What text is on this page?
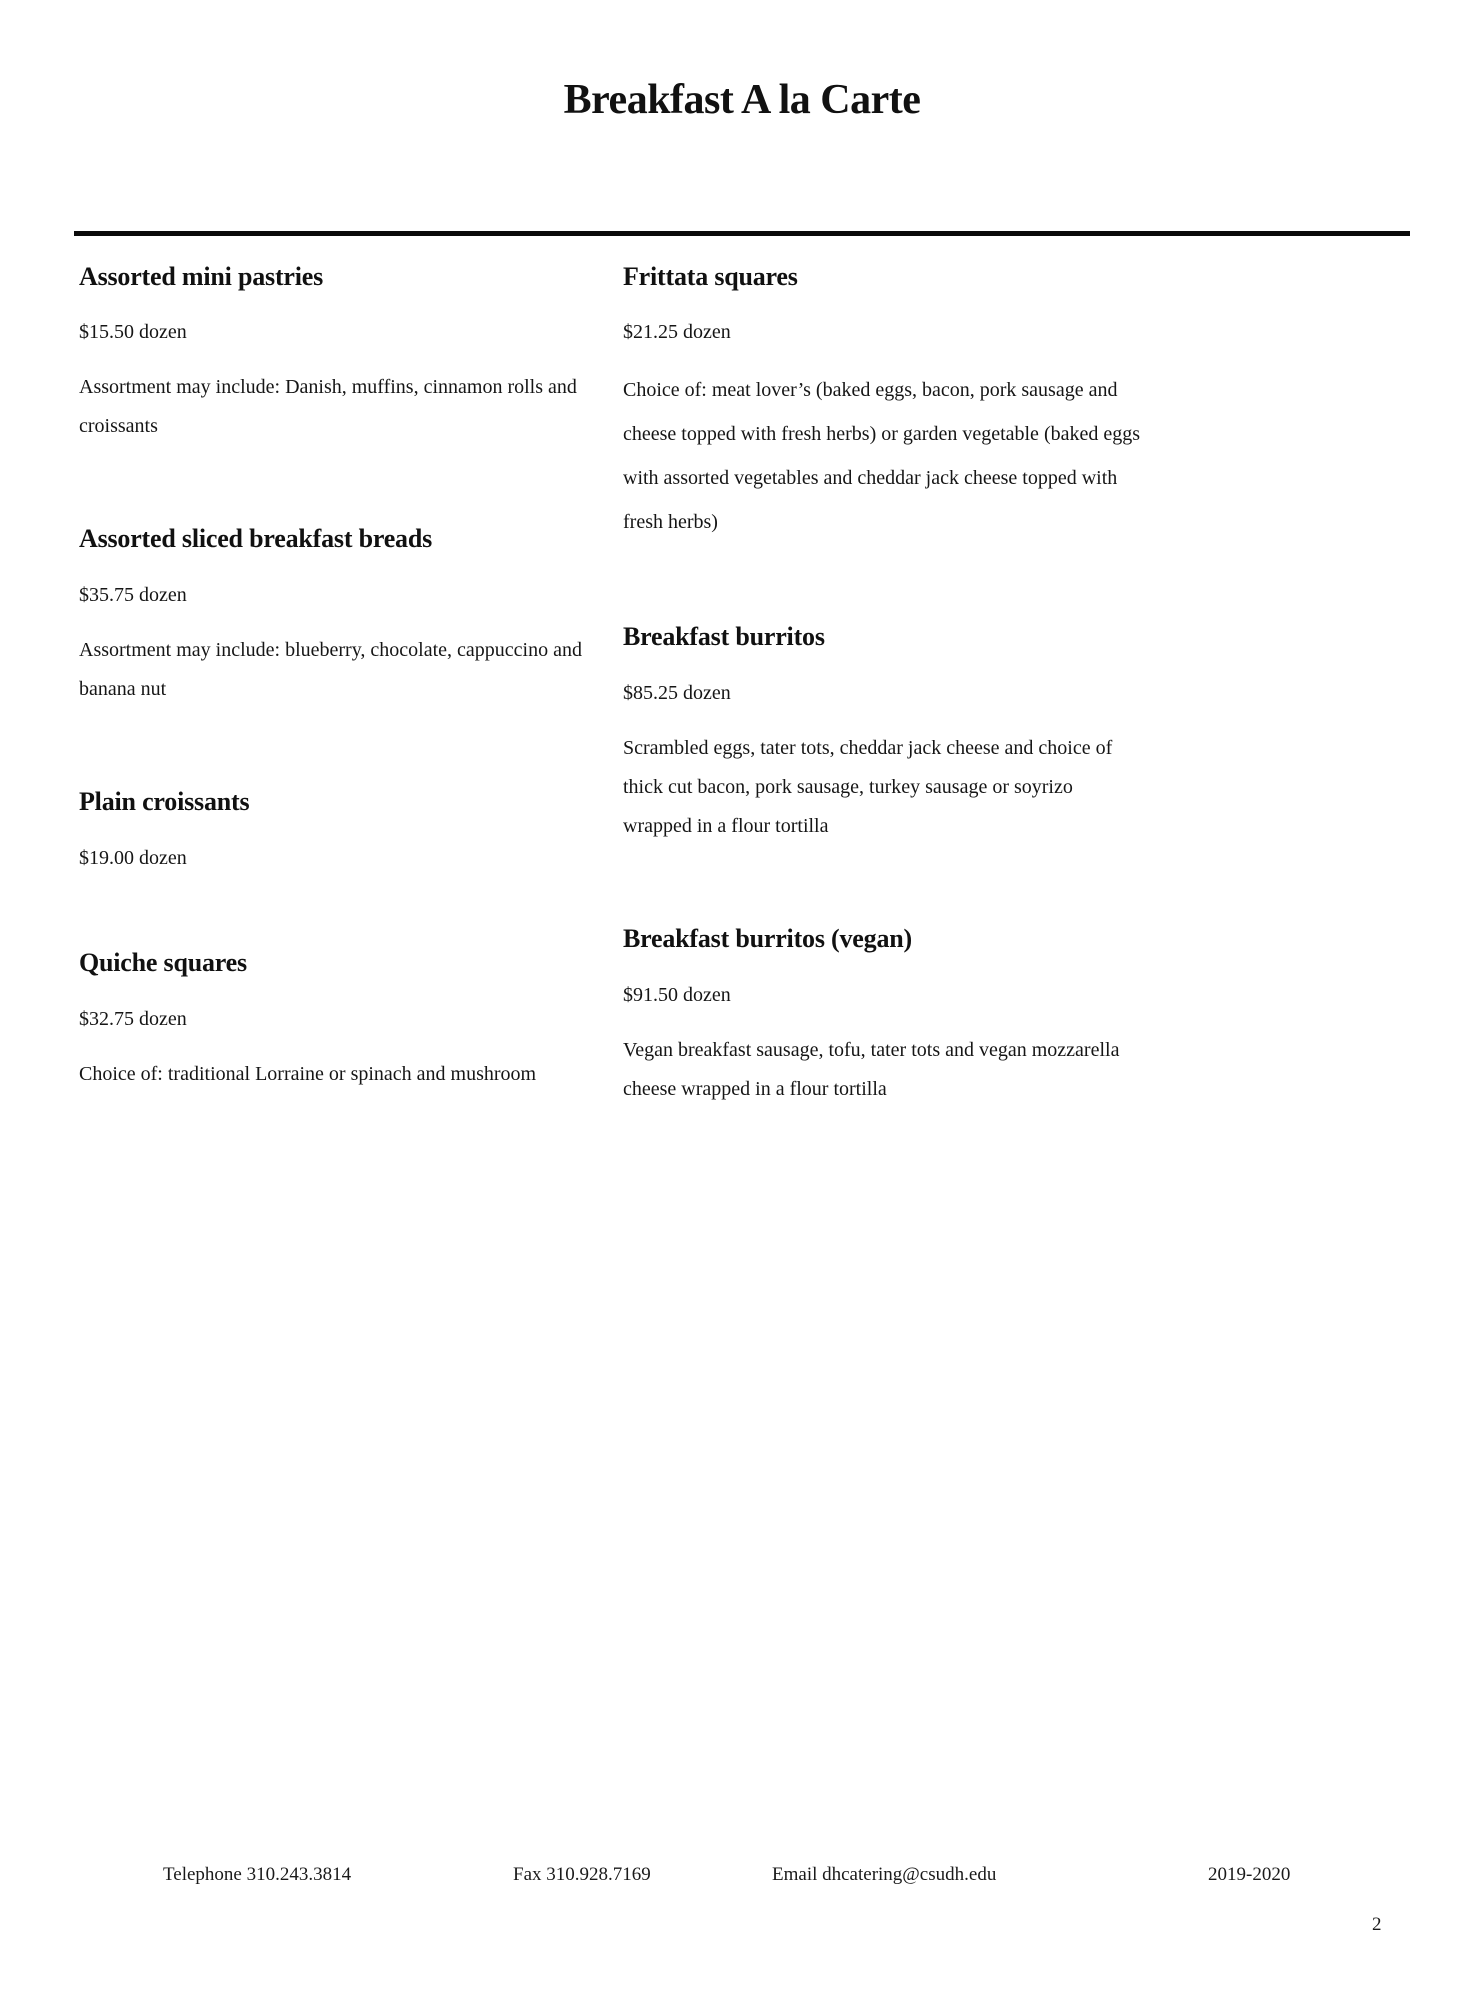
Breakfast A la Carte
Assorted mini pastries
$15.50 dozen
Assortment may include: Danish, muffins, cinnamon rolls and croissants
Assorted sliced breakfast breads
$35.75 dozen
Assortment may include: blueberry, chocolate, cappuccino and banana nut
Plain croissants
$19.00 dozen
Quiche squares
$32.75 dozen
Choice of: traditional Lorraine or spinach and mushroom
Frittata squares
$21.25 dozen
Choice of: meat lover’s (baked eggs, bacon, pork sausage and cheese topped with fresh herbs) or garden vegetable (baked eggs with assorted vegetables and cheddar jack cheese topped with fresh herbs)
Breakfast burritos
$85.25 dozen
Scrambled eggs, tater tots, cheddar jack cheese and choice of thick cut bacon, pork sausage, turkey sausage or soyrizo wrapped in a flour tortilla
Breakfast burritos (vegan)
$91.50 dozen
Vegan breakfast sausage, tofu, tater tots and vegan mozzarella cheese wrapped in a flour tortilla
Telephone 310.243.3814	Fax 310.928.7169	Email dhcatering@csudh.edu	2019-2020
2
